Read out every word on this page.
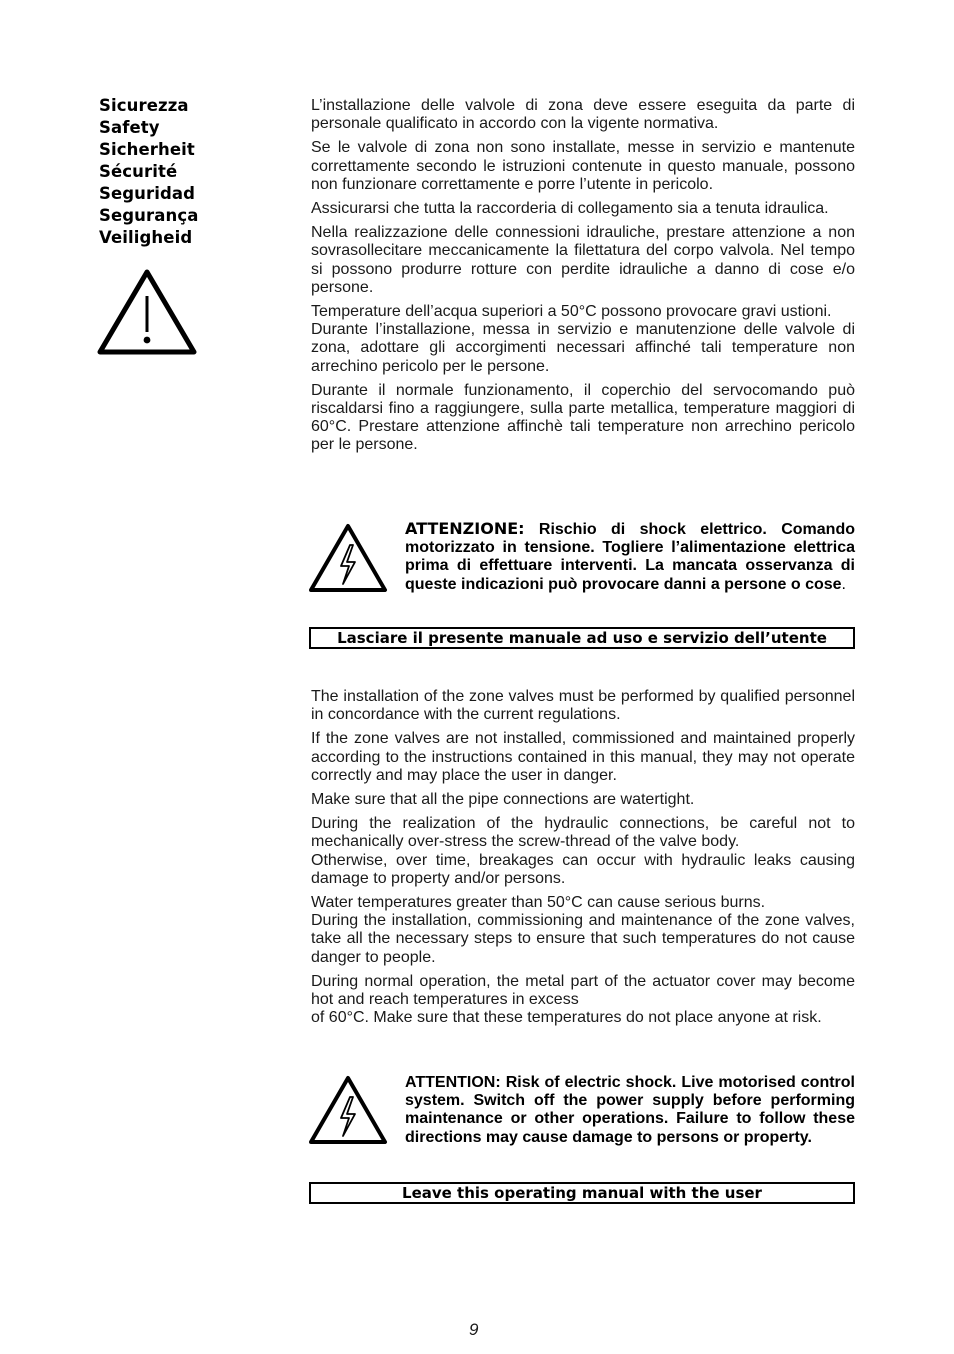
Sicurezza
Safety
Sicherheit
Sécurité
Seguridad
Segurança
Veiligheid

L’installazione delle valvole di zona deve essere eseguita da parte di personale qualificato in accordo con la vigente normativa.

Se le valvole di zona non sono installate, messe in servizio e mantenute correttamente secondo le istruzioni contenute in questo manuale, possono non funzionare correttamente e porre l’utente in pericolo.

Assicurarsi che tutta la raccorderia di collegamento sia a tenuta idraulica.

Nella realizzazione delle connessioni idrauliche, prestare attenzione a non sovrasollecitare meccanicamente la filettatura del corpo valvola. Nel tempo si possono produrre rotture con perdite idrauliche a danno di cose e/o persone.

Temperature dell’acqua superiori a 50°C possono provocare gravi ustioni.

Durante l’installazione, messa in servizio e manutenzione delle valvole di zona, adottare gli accorgimenti necessari affinché tali temperature non arrechino pericolo per le persone.

Durante il normale funzionamento, il coperchio del servocomando può riscaldarsi fino a raggiungere, sulla parte metallica, temperature maggiori di 60°C. Prestare attenzione affinchè tali temperature non arrechino pericolo per le persone.

ATTENZIONE: Rischio di shock elettrico. Comando motorizzato in tensione. Togliere l’alimentazione elettrica prima di effettuare interventi. La mancata osservanza di queste indicazioni può provocare danni a persone o cose.
Lasciare il presente manuale ad uso e servizio dell’utente

The installation of the zone valves must be performed by qualified personnel in concordance with the current regulations.

If the zone valves are not installed, commissioned and maintained properly according to the instructions contained in this manual, they may not operate correctly and may place the user in danger.

Make sure that all the pipe connections are watertight.

During the realization of the hydraulic connections, be careful not to mechanically over-stress the screw-thread of the valve body.

Otherwise, over time, breakages can occur with hydraulic leaks causing damage to property and/or persons.

Water temperatures greater than 50°C can cause serious burns.

During the installation, commissioning and maintenance of the zone valves, take all the necessary steps to ensure that such temperatures do not cause danger to people.

During normal operation, the metal part of the actuator cover may become hot and reach temperatures in excess

of 60°C. Make sure that these temperatures do not place anyone at risk.

ATTENTION: Risk of electric shock. Live motorised control system. Switch off the power supply before performing maintenance or other operations. Failure to follow these directions may cause damage to persons or property.
Leave this operating manual with the user
9
